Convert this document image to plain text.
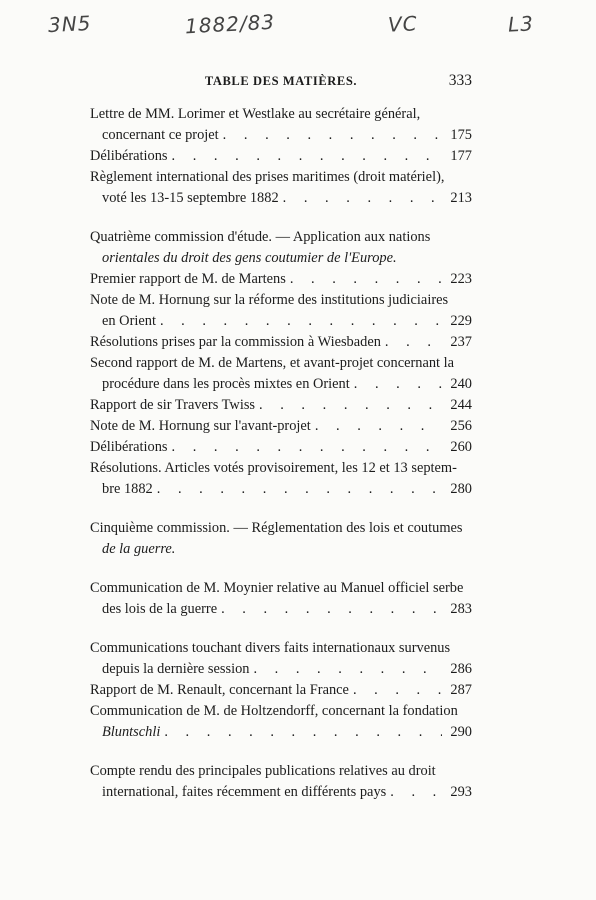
3N5	1882/83	VC	L3
TABLE DES MATIÈRES.	333
Lettre de MM. Lorimer et Westlake au secrétaire général,
concernant ce projet . . .	175
Délibérations . . .	177
Règlement international des prises maritimes (droit matériel),
voté les 13-15 septembre 1882 . . .	213
Quatrième commission d'étude. — Application aux nations
orientales du droit des gens coutumier de l'Europe.
Premier rapport de M. de Martens . . .	223
Note de M. Hornung sur la réforme des institutions judiciaires
en Orient . . .	229
Résolutions prises par la commission à Wiesbaden . . .	237
Second rapport de M. de Martens, et avant-projet concernant la
procédure dans les procès mixtes en Orient . . .	240
Rapport de sir Travers Twiss . . .	244
Note de M. Hornung sur l'avant-projet . . .	256
Délibérations . . .	260
Résolutions. Articles votés provisoirement, les 12 et 13 septem-
bre 1882 . . .	280
Cinquième commission. — Réglementation des lois et coutumes
de la guerre.
Communication de M. Moynier relative au Manuel officiel serbe
des lois de la guerre . . .	283
Communications touchant divers faits internationaux survenus
depuis la dernière session . . .	286
Rapport de M. Renault, concernant la France . . .	287
Communication de M. de Holtzendorff, concernant la fondation
Bluntschli . . .	290
Compte rendu des principales publications relatives au droit
international, faites récemment en différents pays . . .	293
